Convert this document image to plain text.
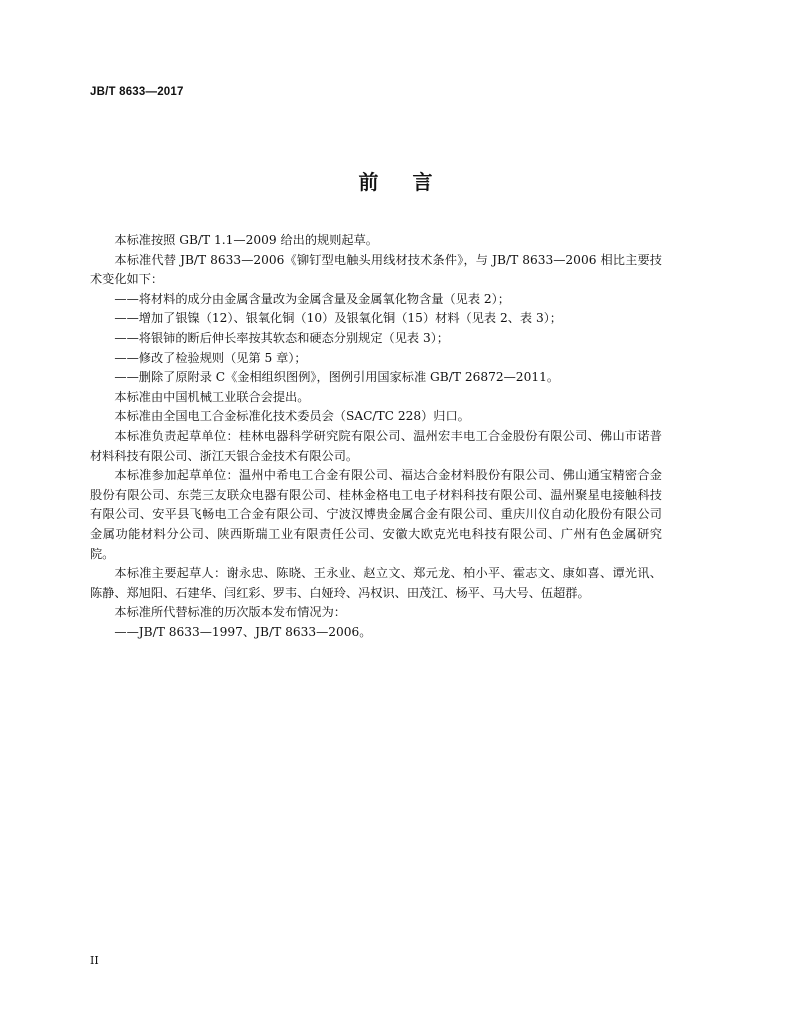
JB/T 8633—2017
前言

本标准按照 GB/T 1.1—2009 给出的规则起草。

本标准代替 JB/T 8633—2006《铆钉型电触头用线材技术条件》，与 JB/T 8633—2006 相比主要技术变化如下：

——将材料的成分由金属含量改为金属含量及金属氧化物含量（见表 2）；

——增加了银镍（12）、银氧化铜（10）及银氧化铜（15）材料（见表 2、表 3）；

——将银铈的断后伸长率按其软态和硬态分别规定（见表 3）；

——修改了检验规则（见第 5 章）；

——删除了原附录 C《金相组织图例》，图例引用国家标准 GB/T 26872—2011。

本标准由中国机械工业联合会提出。

本标准由全国电工合金标准化技术委员会（SAC/TC 228）归口。

本标准负责起草单位：桂林电器科学研究院有限公司、温州宏丰电工合金股份有限公司、佛山市诺普材料科技有限公司、浙江天银合金技术有限公司。

本标准参加起草单位：温州中希电工合金有限公司、福达合金材料股份有限公司、佛山通宝精密合金股份有限公司、东莞三友联众电器有限公司、桂林金格电工电子材料科技有限公司、温州聚星电接触科技有限公司、安平县飞畅电工合金有限公司、宁波汉博贵金属合金有限公司、重庆川仪自动化股份有限公司金属功能材料分公司、陕西斯瑞工业有限责任公司、安徽大欧克光电科技有限公司、广州有色金属研究院。

本标准主要起草人：谢永忠、陈晓、王永业、赵立文、郑元龙、柏小平、霍志文、康如喜、谭光讯、陈静、郑旭阳、石建华、闫红彩、罗韦、白娅玲、冯权识、田茂江、杨平、马大号、伍超群。

本标准所代替标准的历次版本发布情况为：

——JB/T 8633—1997、JB/T 8633—2006。

II
